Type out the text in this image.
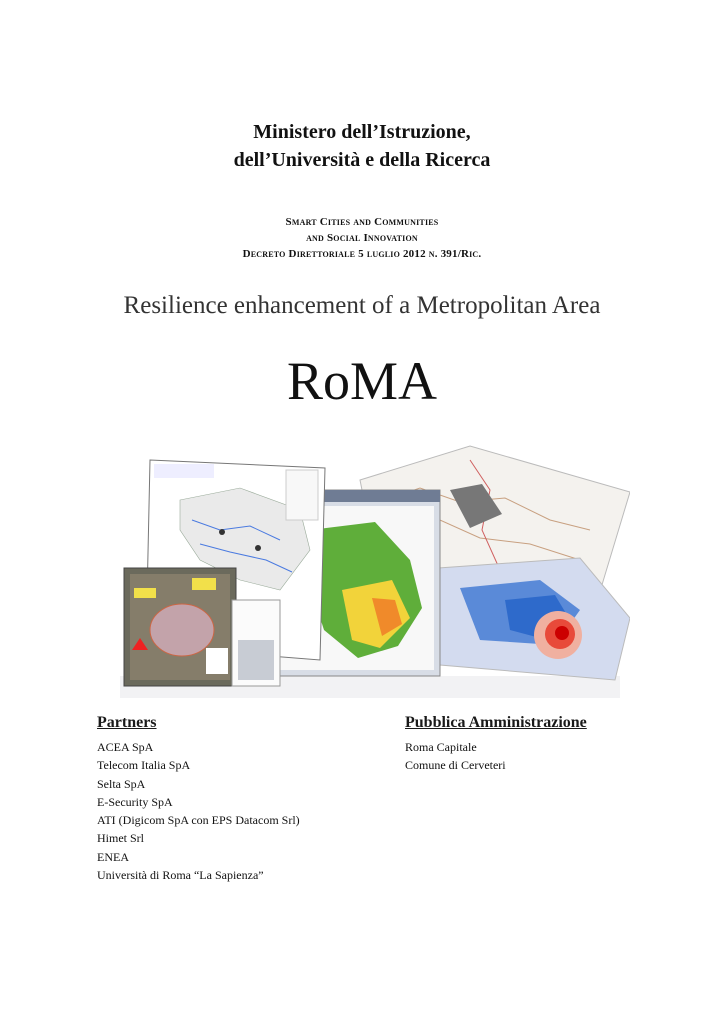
Ministero dell’Istruzione,
dell’Università e della Ricerca
Smart Cities and Communities
and Social Innovation
Decreto Direttoriale 5 luglio 2012 n. 391/Ric.
Resilience enhancement of a Metropolitan Area
RoMA
Partners
ACEA SpA
Telecom Italia SpA
Selta SpA
E-Security SpA
ATI (Digicom SpA con EPS Datacom Srl)
Himet Srl
ENEA
Università di Roma “La Sapienza”
Pubblica Amministrazione
Roma Capitale
Comune di Cerveteri
